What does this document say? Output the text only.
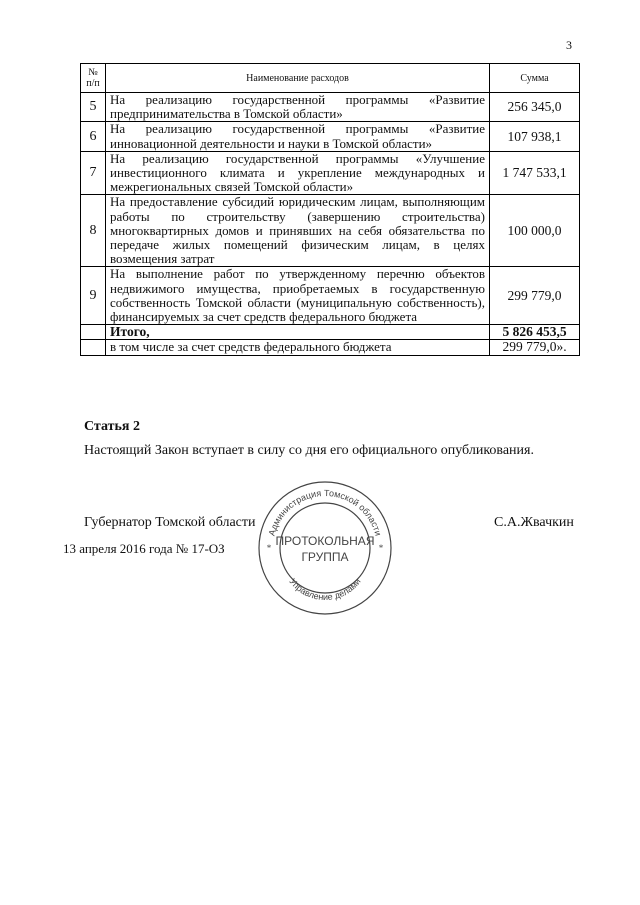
3
№ п/п	Наименование расходов	Сумма
5	На реализацию государственной программы «Развитие предпринимательства в Томской области»	256 345,0
6	На реализацию государственной программы «Развитие инновационной деятельности и науки в Томской области»	107 938,1
7	На реализацию государственной программы «Улучшение инвестиционного климата и укрепление международных и межрегиональных связей Томской области»	1 747 533,1
8	На предоставление субсидий юридическим лицам, выполняющим работы по строительству (завершению строительства) многоквартирных домов и принявших на себя обязательства по передаче жилых помещений физическим лицам, в целях возмещения затрат	100 000,0
9	На выполнение работ по утвержденному перечню объектов недвижимого имущества, приобретаемых в государственную собственность Томской области (муниципальную собственность), финансируемых за счет средств федерального бюджета	299 779,0
	Итого,	5 826 453,5
	в том числе за счет средств федерального бюджета	299 779,0».
Статья 2
Настоящий Закон вступает в силу со дня его официального опубликования.
Губернатор Томской области	С.А.Жвачкин
13 апреля 2016 года № 17-ОЗ
Администрация Томской области
Управление делами
ПРОТОКОЛЬНАЯ
ГРУППА
*	*
